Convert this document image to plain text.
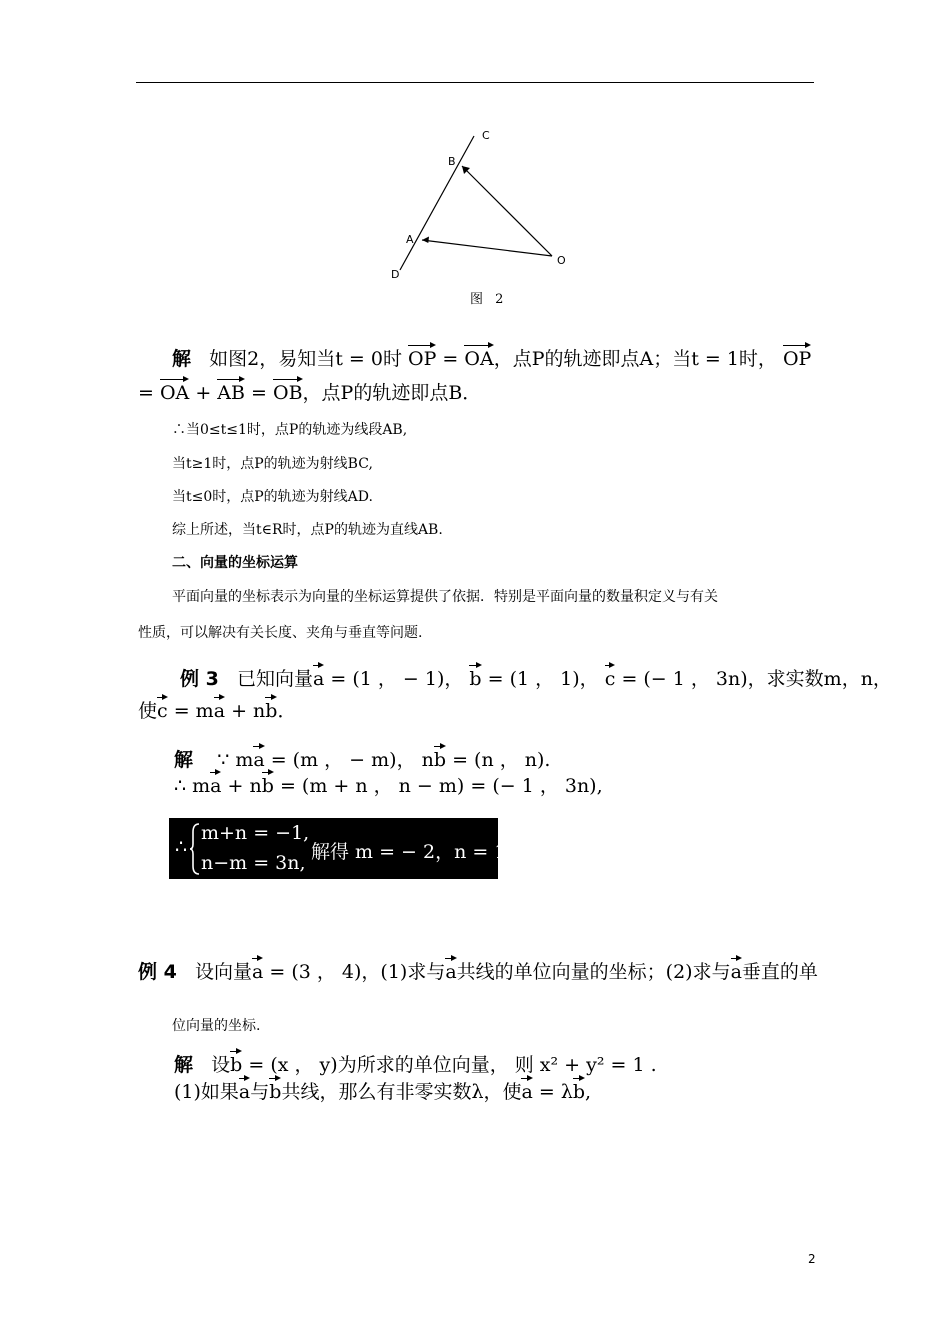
C
B
A
O
D
图 2
解 如图2，易知当t = 0时 OP = OA，点P的轨迹即点A；当t = 1时， OP
= OA + AB = OB，点P的轨迹即点B．
∴当0≤t≤1时，点P的轨迹为线段AB,
当t≥1时，点P的轨迹为射线BC,
当t≤0时，点P的轨迹为射线AD.
综上所述，当t∈R时，点P的轨迹为直线AB.
二、向量的坐标运算
平面向量的坐标表示为向量的坐标运算提供了依据．特别是平面向量的数量积定义与有关
性质，可以解决有关长度、夹角与垂直等问题.
例 3 已知向量a = (1 ， − 1)， b = (1 ， 1)， c = (− 1 ， 3n)，求实数m，n，
使c = ma + nb．
解 ∵ ma = (m ， − m)， nb = (n ， n).
∴ ma + nb = (m + n ， n − m) = (− 1 ， 3n),
∴
m+n = −1,
n−m = 3n, 解得 m = − 2，n = 1.
例 4 设向量a = (3 ， 4)，(1)求与a共线的单位向量的坐标；(2)求与a垂直的单
位向量的坐标.
解 设b = (x ， y)为所求的单位向量， 则 x² + y² = 1 .
(1)如果a与b共线，那么有非零实数λ，使a = λb,
2
